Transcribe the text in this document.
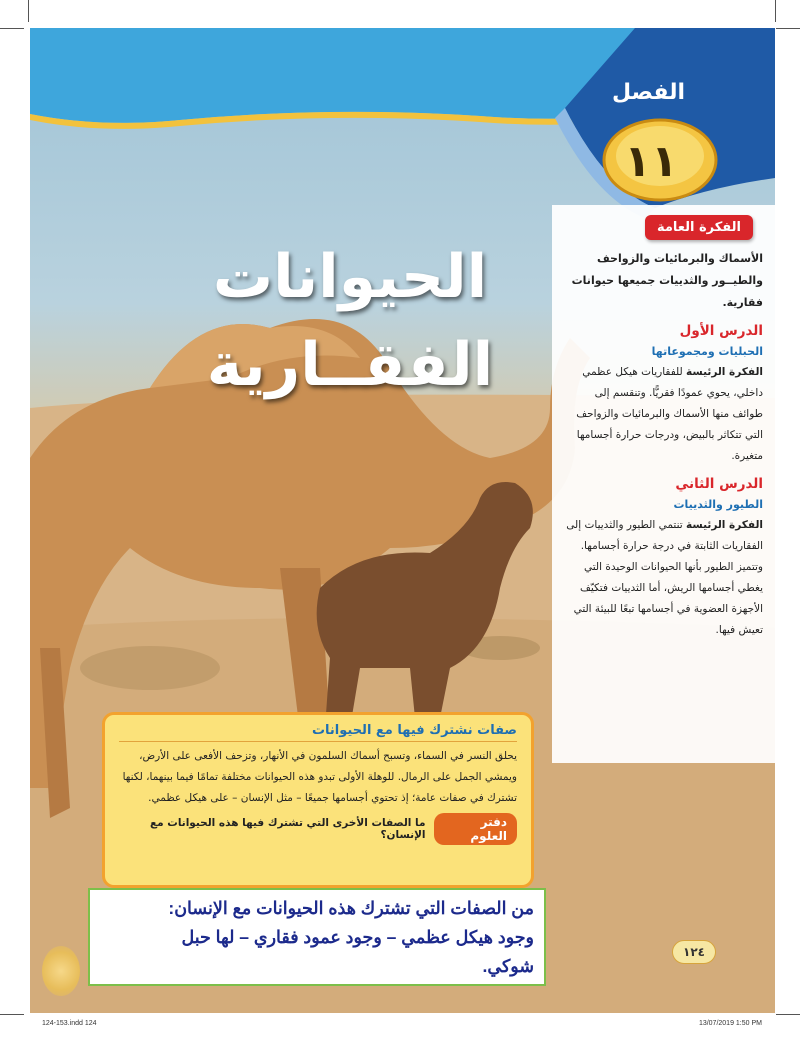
الفصل
١١
الحيوانات
الفقــارية
الفكرة العامة
الأسماك والبرمائيات والزواحف والطيــور والثدييات جميعها حيوانات فقارية.
الدرس الأول
الحبليات ومجموعاتها
الفكرة الرئيسة للفقاريات هيكل عظمي داخلي، يحوي عمودًا فقريًّا. وتنقسم إلى طوائف منها الأسماك والبرمائيات والزواحف التي تتكاثر بالبيض، ودرجات حرارة أجسامها متغيرة.
الدرس الثاني
الطيور والثدييات
الفكرة الرئيسة تنتمي الطيور والثدييات إلى الفقاريات الثابتة في درجة حرارة أجسامها. وتتميز الطيور بأنها الحيوانات الوحيدة التي يغطي أجسامها الريش، أما الثدييات فتكيّف الأجهزة العضوية في أجسامها تبعًا للبيئة التي تعيش فيها.
صفات نشترك فيها مع الحيوانات
يحلق النسر في السماء، وتسبح أسماك السلمون في الأنهار، وتزحف الأفعى على الأرض، ويمشي الجمل على الرمال. للوهلة الأولى تبدو هذه الحيوانات مختلفة تمامًا فيما بينهما، لكنها تشترك في صفات عامة؛ إذ تحتوي أجسامها جميعًا – مثل الإنسان – على هيكل عظمي.
دفتر العلوم
ما الصفات الأخرى التي تشترك فيها هذه الحيوانات مع الإنسان؟
من الصفات التي تشترك هذه الحيوانات مع الإنسان:
وجود هيكل عظمي – وجود عمود فقاري – لها حبل
شوكي.
١٢٤
124-153.indd 124	13/07/2019 1:50 PM
